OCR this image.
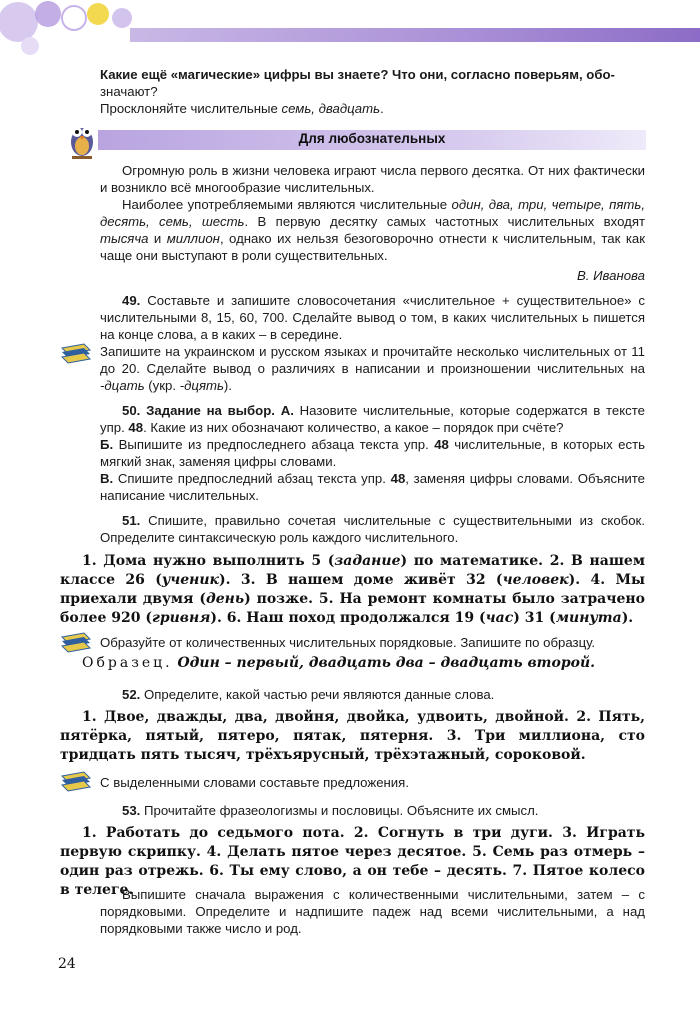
Какие ещё «магические» цифры вы знаете? Что они, согласно поверьям, обо-

значают?

Просклоняйте числительные семь, двадцать.

Для любознательных

Огромную роль в жизни человека играют числа первого десятка. От них фактически и возникло всё многообразие числительных.

Наиболее употребляемыми являются числительные один, два, три, четыре, пять, десять, семь, шесть. В первую десятку самых частотных числительных входят тысяча и миллион, однако их нельзя безоговорочно отнести к числительным, так как чаще они выступают в роли существительных.

В. Иванова

49. Составьте и запишите словосочетания «числительное + существительное» с числительными 8, 15, 60, 700. Сделайте вывод о том, в каких числительных ь пишется на конце слова, а в каких – в середине.

Запишите на украинском и русском языках и прочитайте несколько числительных от 11 до 20. Сделайте вывод о различиях в написании и произношении числительных на -дцать (укр. -дцять).

50. Задание на выбор. А. Назовите числительные, которые содержатся в тексте упр. 48. Какие из них обозначают количество, а какое – порядок при счёте?

Б. Выпишите из предпоследнего абзаца текста упр. 48 числительные, в которых есть мягкий знак, заменяя цифры словами.

В. Спишите предпоследний абзац текста упр. 48, заменяя цифры словами. Объясните написание числительных.

51. Спишите, правильно сочетая числительные с существительными из скобок. Определите синтаксическую роль каждого числительного.

1. Дома нужно выполнить 5 (задание) по математике. 2. В нашем классе 26 (ученик). 3. В нашем доме живёт 32 (человек). 4. Мы приехали двумя (день) позже. 5. На ремонт комнаты было затрачено более 920 (гривня). 6. Наш поход продолжался 19 (час) 31 (минута).

Образуйте от количественных числительных порядковые. Запишите по образцу.
Образец. Один – первый, двадцать два – двадцать второй.

52. Определите, какой частью речи являются данные слова.

1. Двое, дважды, два, двойня, двойка, удвоить, двойной. 2. Пять, пятёрка, пятый, пятеро, пятак, пятерня. 3. Три миллиона, сто тридцать пять тысяч, трёхъярусный, трёхэтажный, сороковой.

С выделенными словами составьте предложения.

53. Прочитайте фразеологизмы и пословицы. Объясните их смысл.

1. Работать до седьмого пота. 2. Согнуть в три дуги. 3. Играть первую скрипку. 4. Делать пятое через десятое. 5. Семь раз отмерь – один раз отрежь. 6. Ты ему слово, а он тебе – десять. 7. Пятое колесо в телеге.

Выпишите сначала выражения с количественными числительными, затем – с порядковыми. Определите и надпишите падеж над всеми числительными, а над порядковыми также число и род.

24
